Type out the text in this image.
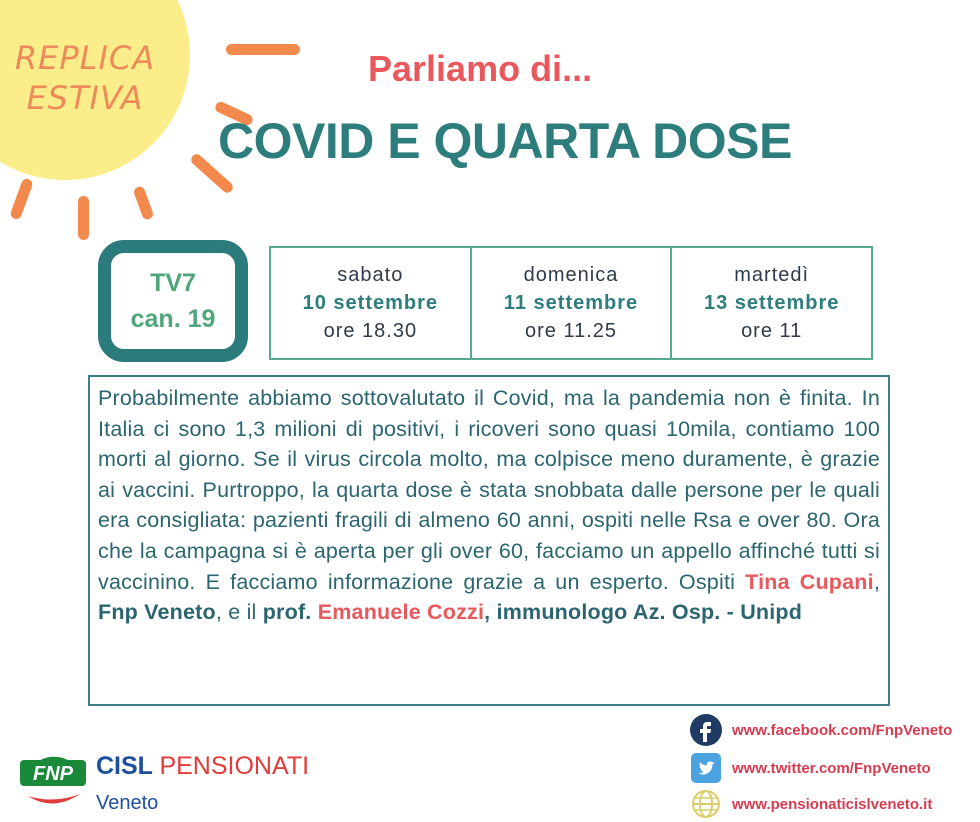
REPLICA
ESTIVA
Parliamo di...
COVID E QUARTA DOSE
TV7
can. 19
sabato
10 settembre
ore 18.30
domenica
11 settembre
ore 11.25
martedì
13 settembre
ore 11
Probabilmente abbiamo sottovalutato il Covid, ma la pandemia non è finita. In Italia ci sono 1,3 milioni di positivi, i ricoveri sono quasi 10mila, contiamo 100 morti al giorno. Se il virus circola molto, ma colpisce meno duramente, è grazie ai vaccini. Purtroppo, la quarta dose è stata snobbata dalle persone per le quali era consigliata: pazienti fragili di almeno 60 anni, ospiti nelle Rsa e over 80. Ora che la campagna si è aperta per gli over 60, facciamo un appello affinché tutti si vaccinino. E facciamo informazione grazie a un esperto. Ospiti Tina Cupani, Fnp Veneto, e il prof. Emanuele Cozzi, immunologo Az. Osp. - Unipd
FNP CISL PENSIONATI
Veneto
www.facebook.com/FnpVeneto
www.twitter.com/FnpVeneto
www.pensionaticislveneto.it
